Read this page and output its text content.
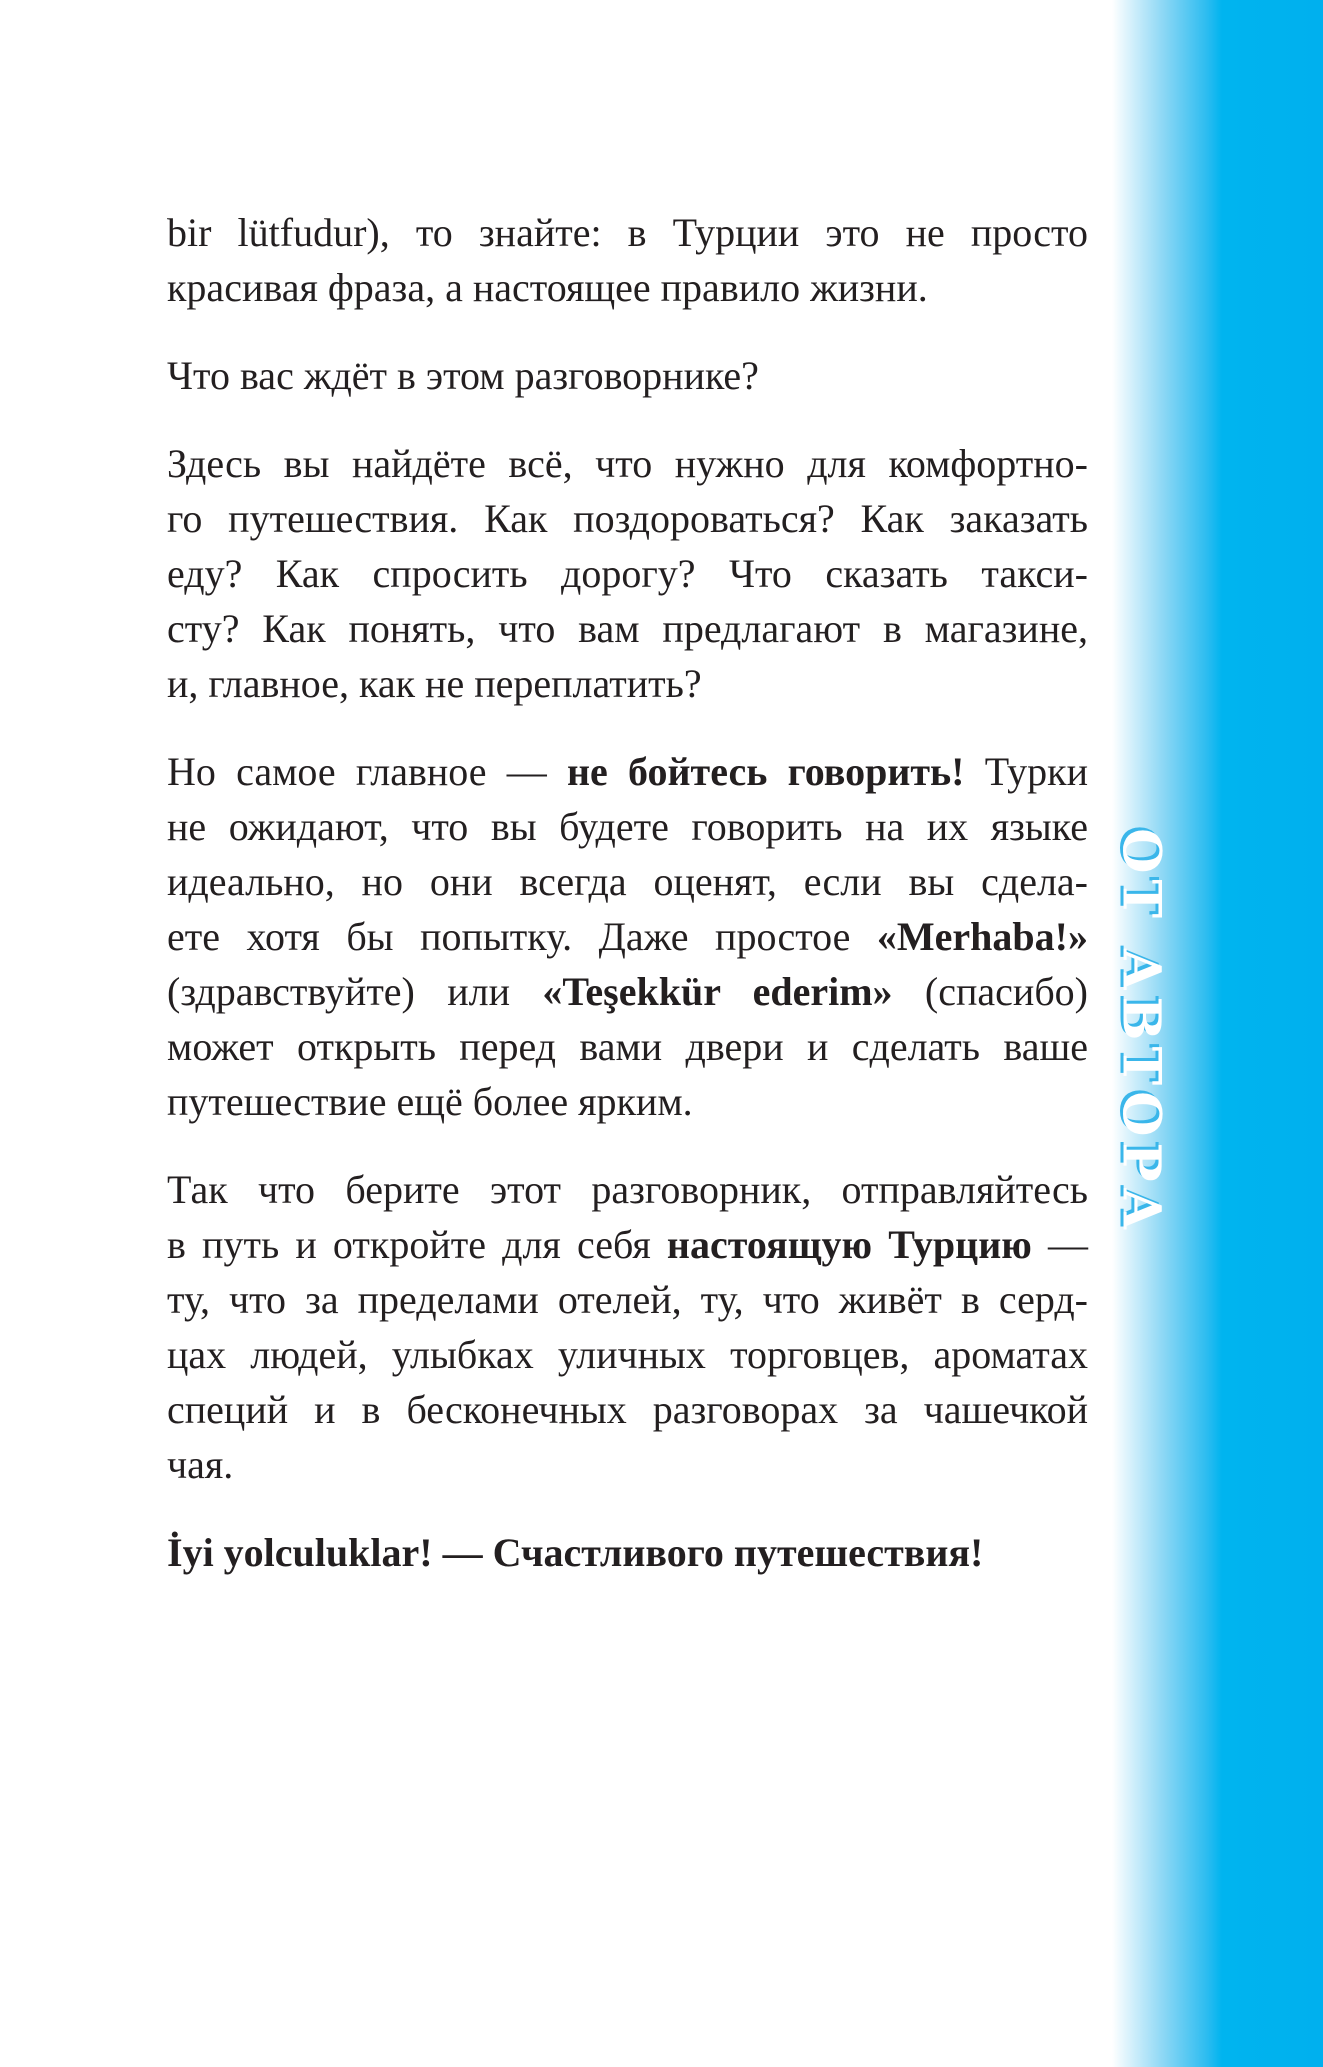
bir lütfudur), то знайте: в Турции это не просто
красивая фраза, а настоящее правило жизни.
Что вас ждёт в этом разговорнике?
Здесь вы найдёте всё, что нужно для комфортно-
го путешествия. Как поздороваться? Как заказать
еду? Как спросить дорогу? Что сказать такси-
сту? Как понять, что вам предлагают в магазине,
и, главное, как не переплатить?
Но самое главное — не бойтесь говорить! Турки
не ожидают, что вы будете говорить на их языке
идеально, но они всегда оценят, если вы сдела-
ете хотя бы попытку. Даже простое «Merhaba!»
(здравствуйте) или «Teşekkür ederim» (спасибо)
может открыть перед вами двери и сделать ваше
путешествие ещё более ярким.
Так что берите этот разговорник, отправляйтесь
в путь и откройте для себя настоящую Турцию —
ту, что за пределами отелей, ту, что живёт в серд-
цах людей, улыбках уличных торговцев, ароматах
специй и в бесконечных разговорах за чашечкой
чая.
İyi yolculuklar! — Счастливого путешествия!
ОТ АВТОРА
